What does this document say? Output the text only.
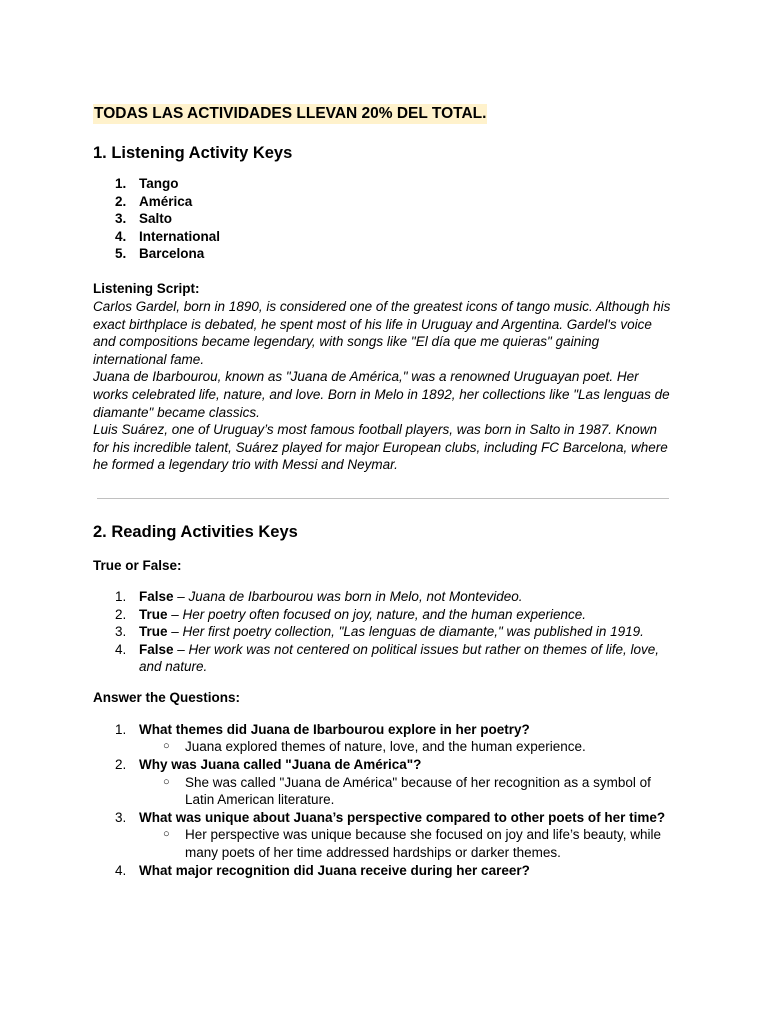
TODAS LAS ACTIVIDADES LLEVAN 20% DEL TOTAL.
1. Listening Activity Keys
1. Tango
2. América
3. Salto
4. International
5. Barcelona

Listening Script:

Carlos Gardel, born in 1890, is considered one of the greatest icons of tango music. Although his exact birthplace is debated, he spent most of his life in Uruguay and Argentina. Gardel's voice and compositions became legendary, with songs like "El día que me quieras" gaining international fame.

Juana de Ibarbourou, known as "Juana de América," was a renowned Uruguayan poet. Her works celebrated life, nature, and love. Born in Melo in 1892, her collections like "Las lenguas de diamante" became classics.

Luis Suárez, one of Uruguay’s most famous football players, was born in Salto in 1987. Known for his incredible talent, Suárez played for major European clubs, including FC Barcelona, where he formed a legendary trio with Messi and Neymar.

2. Reading Activities Keys

True or False:

1. False – Juana de Ibarbourou was born in Melo, not Montevideo.
2. True – Her poetry often focused on joy, nature, and the human experience.
3. True – Her first poetry collection, "Las lenguas de diamante," was published in 1919.
4. False – Her work was not centered on political issues but rather on themes of life, love, and nature.

Answer the Questions:

1. What themes did Juana de Ibarbourou explore in her poetry?
○ Juana explored themes of nature, love, and the human experience.
2. Why was Juana called "Juana de América"?
○ She was called "Juana de América" because of her recognition as a symbol of Latin American literature.
3. What was unique about Juana’s perspective compared to other poets of her time?
○ Her perspective was unique because she focused on joy and life’s beauty, while many poets of her time addressed hardships or darker themes.
4. What major recognition did Juana receive during her career?
